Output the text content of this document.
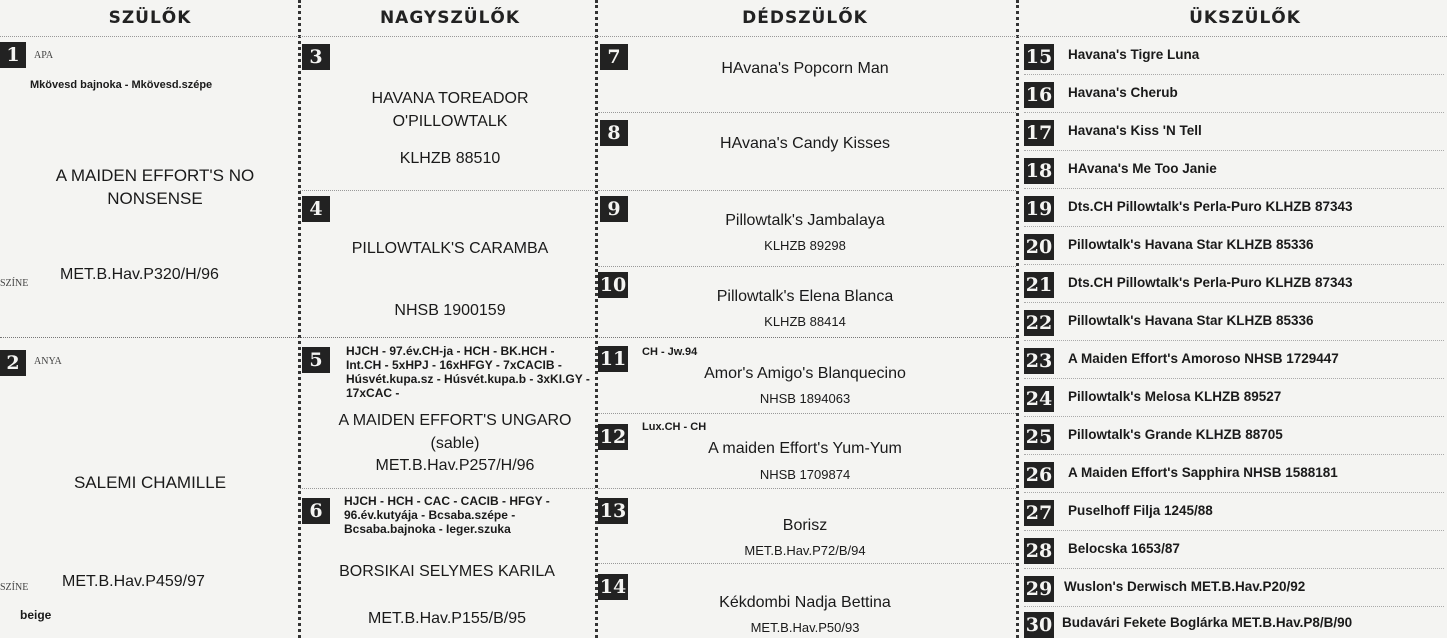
SZÜLŐK	NAGYSZÜLŐK	DÉDSZÜLŐK	ÜKSZÜLŐK
1	APA
Mkövesd bajnoka - Mkövesd.szépe
A MAIDEN EFFORT'S NO NONSENSE
SZÍNE
MET.B.Hav.P320/H/96
2	ANYA
SALEMI CHAMILLE
SZÍNE MET.B.Hav.P459/97
beige
3
HAVANA TOREADOR O'PILLOWTALK
KLHZB 88510
4
PILLOWTALK'S CARAMBA
NHSB 1900159
5	HJCH - 97.év.CH-ja - HCH - BK.HCH - Int.CH - 5xHPJ - 16xHFGY - 7xCACIB - Húsvét.kupa.sz - Húsvét.kupa.b - 3xKI.GY - 17xCAC -
A MAIDEN EFFORT'S UNGARO (sable)
MET.B.Hav.P257/H/96
6	HJCH - HCH - CAC - CACIB - HFGY - 96.év.kutyája - Bcsaba.szépe - Bcsaba.bajnoka - Ieger.szuka
BORSIKAI SELYMES KARILA
MET.B.Hav.P155/B/95
7
HAvana's Popcorn Man
8	HAvana's Candy Kisses
9
Pillowtalk's Jambalaya
KLHZB 89298
10
Pillowtalk's Elena Blanca
KLHZB 88414
11 CH - Jw.94
Amor's Amigo's Blanquecino
NHSB 1894063
12 Lux.CH - CH
A maiden Effort's Yum-Yum
NHSB 1709874
13
Borisz
MET.B.Hav.P72/B/94
14
Kékdombi Nadja Bettina
MET.B.Hav.P50/93
15 Havana's Tigre Luna
16 Havana's Cherub
17 Havana's Kiss 'N Tell
18 HAvana's Me Too Janie
19 Dts.CH Pillowtalk's Perla-Puro KLHZB 87343
20 Pillowtalk's Havana Star KLHZB 85336
21 Dts.CH Pillowtalk's Perla-Puro KLHZB 87343
22 Pillowtalk's Havana Star KLHZB 85336
23 A Maiden Effort's Amoroso NHSB 1729447
24 Pillowtalk's Melosa KLHZB 89527
25 Pillowtalk's Grande KLHZB 88705
26 A Maiden Effort's Sapphira NHSB 1588181
27 Puselhoff Filja 1245/88
28 Belocska 1653/87
29 Wuslon's Derwisch MET.B.Hav.P20/92
30 Budavári Fekete Boglárka MET.B.Hav.P8/B/90
